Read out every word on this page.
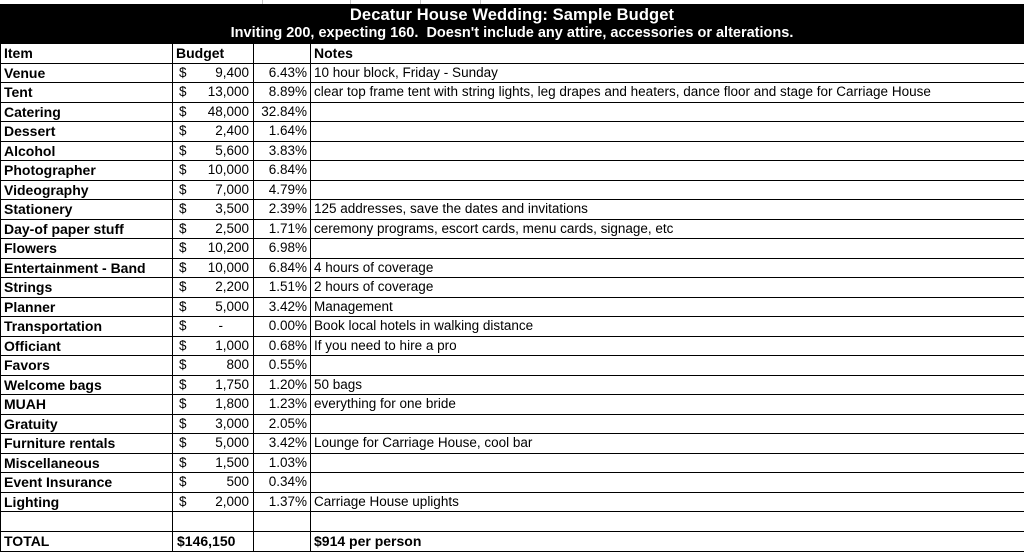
Decatur House Wedding: Sample Budget
Inviting 200, expecting 160.  Doesn't include any attire, accessories or alterations.
Item	Budget		Notes
Venue	$ 9,400	6.43%	10 hour block, Friday - Sunday
Tent	$ 13,000	8.89%	clear top frame tent with string lights, leg drapes and heaters, dance floor and stage for Carriage House
Catering	$ 48,000	32.84%	
Dessert	$ 2,400	1.64%	
Alcohol	$ 5,600	3.83%	
Photographer	$ 10,000	6.84%	
Videography	$ 7,000	4.79%	
Stationery	$ 3,500	2.39%	125 addresses, save the dates and invitations
Day-of paper stuff	$ 2,500	1.71%	ceremony programs, escort cards, menu cards, signage, etc
Flowers	$ 10,200	6.98%	
Entertainment - Band	$ 10,000	6.84%	4 hours of coverage
Strings	$ 2,200	1.51%	2 hours of coverage
Planner	$ 5,000	3.42%	Management
Transportation	$ -	0.00%	Book local hotels in walking distance
Officiant	$ 1,000	0.68%	If you need to hire a pro
Favors	$ 800	0.55%	
Welcome bags	$ 1,750	1.20%	50 bags
MUAH	$ 1,800	1.23%	everything for one bride
Gratuity	$ 3,000	2.05%	
Furniture rentals	$ 5,000	3.42%	Lounge for Carriage House, cool bar
Miscellaneous	$ 1,500	1.03%	
Event Insurance	$ 500	0.34%	
Lighting	$ 2,000	1.37%	Carriage House uplights

TOTAL	$146,150		$914 per person
